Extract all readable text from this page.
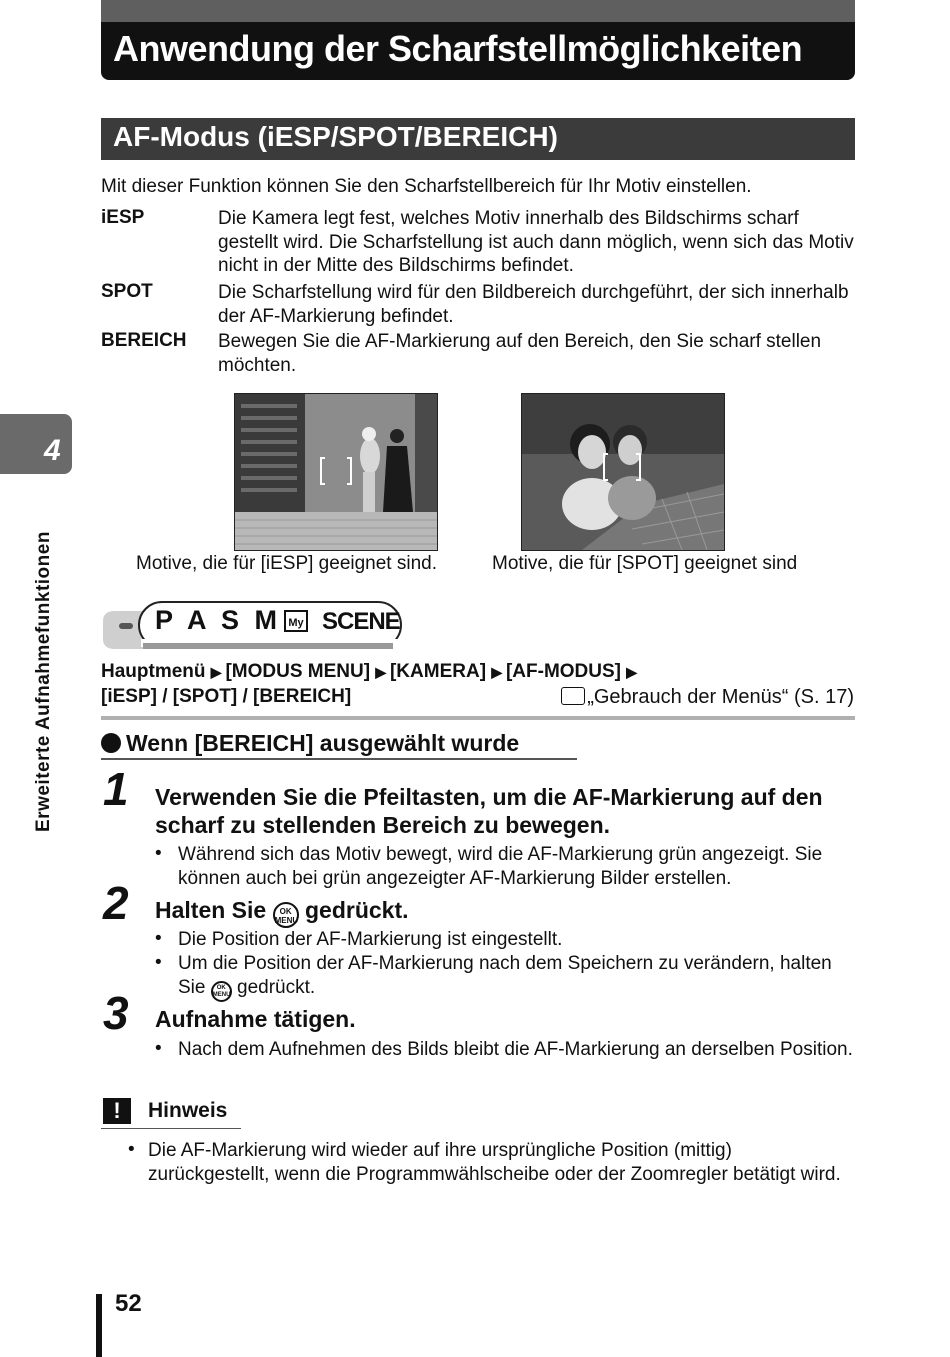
Anwendung der Scharfstellmöglichkeiten
AF-Modus (iESP/SPOT/BEREICH)
Mit dieser Funktion können Sie den Scharfstellbereich für Ihr Motiv einstellen.
iESP	Die Kamera legt fest, welches Motiv innerhalb des Bildschirms scharf gestellt wird. Die Scharfstellung ist auch dann möglich, wenn sich das Motiv nicht in der Mitte des Bildschirms befindet.
SPOT	Die Scharfstellung wird für den Bildbereich durchgeführt, der sich innerhalb der AF-Markierung befindet.
BEREICH Bewegen Sie die AF-Markierung auf den Bereich, den Sie scharf stellen möchten.
Motive, die für [iESP] geeignet sind.	Motive, die für [SPOT] geeignet sind
4
Erweiterte Aufnahmefunktionen	P A S M My SCENE
Hauptmenü ▶ [MODUS MENU] ▶ [KAMERA] ▶ [AF-MODUS] ▶
[iESP] / [SPOT] / [BEREICH]	„Gebrauch der Menüs“ (S. 17)
Wenn [BEREICH] ausgewählt wurde
1 Verwenden Sie die Pfeiltasten, um die AF-Markierung auf den scharf zu stellenden Bereich zu bewegen.
• Während sich das Motiv bewegt, wird die AF-Markierung grün angezeigt. Sie können auch bei grün angezeigter AF-Markierung Bilder erstellen.
2 Halten Sie OK
MENU gedrückt.
• Die Position der AF-Markierung ist eingestellt.
• Um die Position der AF-Markierung nach dem Speichern zu verändern, halten Sie OK
MENU gedrückt.
3 Aufnahme tätigen.
• Nach dem Aufnehmen des Bilds bleibt die AF-Markierung an derselben Position.
!	Hinweis
• Die AF-Markierung wird wieder auf ihre ursprüngliche Position (mittig) zurückgestellt, wenn die Programmwählscheibe oder der Zoomregler betätigt wird.
52
